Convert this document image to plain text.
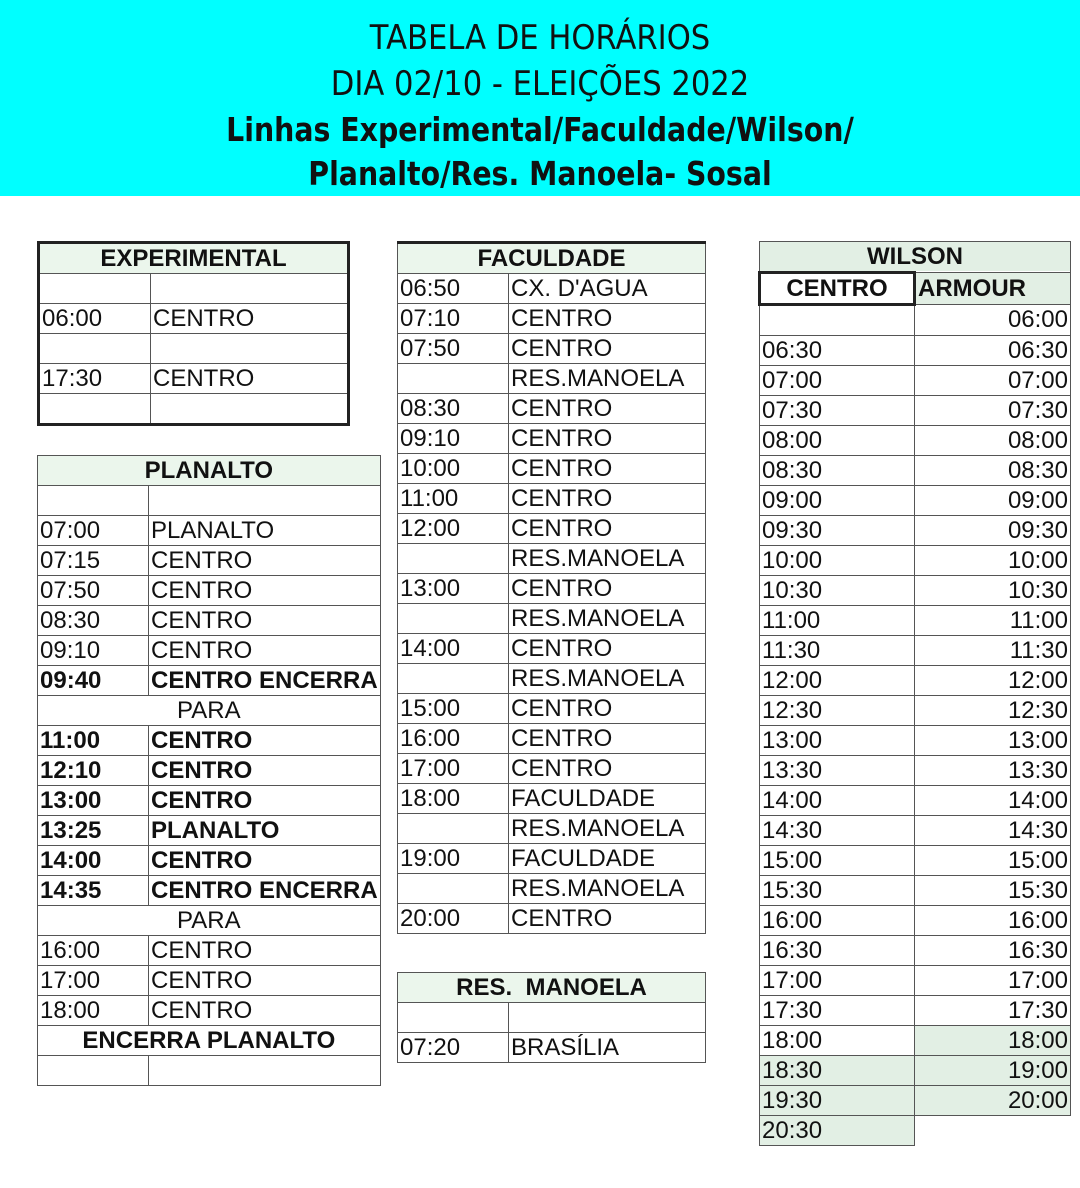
TABELA DE HORÁRIOS
DIA 02/10 - ELEIÇÕES 2022
Linhas Experimental/Faculdade/Wilson/
Planalto/Res. Manoela- Sosal
EXPERIMENTAL	

06:00	CENTRO

17:30	CENTRO

PLANALTO	

07:00	PLANALTO
07:15	CENTRO
07:50	CENTRO
08:30	CENTRO
09:10	CENTRO
09:40	CENTRO ENCERRA
PARA	
11:00	CENTRO
12:10	CENTRO
13:00	CENTRO
13:25	PLANALTO
14:00	CENTRO
14:35	CENTRO ENCERRA
PARA	
16:00	CENTRO
17:00	CENTRO
18:00	CENTRO
ENCERRA PLANALTO	

FACULDADE	
06:50	CX. D'AGUA
07:10	CENTRO
07:50	CENTRO
	RES.MANOELA
08:30	CENTRO
09:10	CENTRO
10:00	CENTRO
11:00	CENTRO
12:00	CENTRO
	RES.MANOELA
13:00	CENTRO
	RES.MANOELA
14:00	CENTRO
	RES.MANOELA
15:00	CENTRO
16:00	CENTRO
17:00	CENTRO
18:00	FACULDADE
	RES.MANOELA
19:00	FACULDADE
	RES.MANOELA
20:00	CENTRO
RES.  MANOELA	

07:20	BRASÍLIA
WILSON	
CENTRO	ARMOUR
	06:00
06:30	06:30
07:00	07:00
07:30	07:30
08:00	08:00
08:30	08:30
09:00	09:00
09:30	09:30
10:00	10:00
10:30	10:30
11:00	11:00
11:30	11:30
12:00	12:00
12:30	12:30
13:00	13:00
13:30	13:30
14:00	14:00
14:30	14:30
15:00	15:00
15:30	15:30
16:00	16:00
16:30	16:30
17:00	17:00
17:30	17:30
18:00	18:00
18:30	19:00
19:30	20:00
20:30	
